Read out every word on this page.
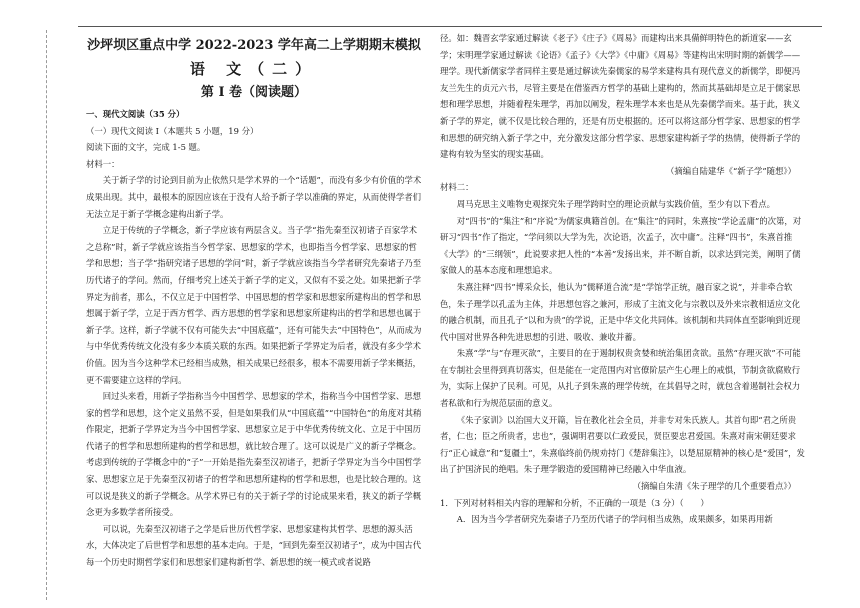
沙坪坝区重点中学 2022-2023 学年高二上学期期末模拟
语 文（二）
第 I 卷（阅读题）

一、现代文阅读（35 分）

（一）现代文阅读 I（本题共 5 小题，19 分）

阅读下面的文字，完成 1-5 题。

材料一：

关于新子学的讨论到目前为止依然只是学术界的一个“话题”，而没有多少有价值的学术成果出现。其中，最根本的原因应该在于没有人给予新子学以准确的界定，从而使得学者们无法立足于新子学概念建构出新子学。

立足于传统的子学概念，新子学应该有两层含义。当子学“指先秦至汉初诸子百家学术之总称”时，新子学就应该指当今哲学家、思想家的学术，也即指当今哲学家、思想家的哲学和思想；当子学“指研究诸子思想的学问”时，新子学就应该指当今学者研究先秦诸子乃至历代诸子的学问。然而，仔细考究上述关于新子学的定义，又似有不妥之处。如果把新子学界定为前者，那么，不仅立足于中国哲学、中国思想的哲学家和思想家所建构出的哲学和思想属于新子学，立足于西方哲学、西方思想的哲学家和思想家所建构出的哲学和思想也属于新子学。这样，新子学就不仅有可能失去“中国底蕴”，还有可能失去“中国特色”，从而成为与中华优秀传统文化没有多少本质关联的东西。如果把新子学界定为后者，就没有多少学术价值。因为当今这种学术已经相当成熟，相关成果已经很多，根本不需要用新子学来概括，更不需要建立这样的学问。

回过头来看，用新子学指称当今中国哲学、思想家的学术，指称当今中国哲学家、思想家的哲学和思想，这个定义虽然不妥，但是如果我们从“中国底蕴”“中国特色”的角度对其稍作限定，把新子学界定为当今中国哲学家、思想家立足于中华优秀传统文化、立足于中国历代诸子的哲学和思想所建构的哲学和思想，就比较合理了。这可以说是广义的新子学概念。考虑到传统的子学概念中的“子”一开始是指先秦至汉初诸子，把新子学界定为当今中国哲学家、思想家立足于先秦至汉初诸子的哲学和思想所建构的哲学和思想，也是比较合理的。这可以说是狭义的新子学概念。从学术界已有的关于新子学的讨论成果来看，狭义的新子学概念更为多数学者所接受。

可以说，先秦至汉初诸子之学是后世历代哲学家、思想家建构其哲学、思想的源头活水，大体决定了后世哲学和思想的基本走向。于是，“回到先秦至汉初诸子”，成为中国古代每一个历史时期哲学家们和思想家们建构新哲学、新思想的统一模式或者说路

径。如：魏晋玄学家通过解读《老子》《庄子》《周易》而建构出来具備鲜明特色的新道家——玄学；宋明理学家通过解读《论语》《孟子》《大学》《中庸》《周易》等建构出宋明时期的新儒学——理学。现代新儒家学者同样主要是通过解读先秦儒家的易学来建构具有现代意义的新儒学，即便冯友兰先生的贞元六书，尽管主要是在借鉴西方哲学的基础上建构的，然而其基础却是立足于儒家思想和理学思想，并随着程朱理学，再加以阐发，程朱理学本来也是从先秦儒学而来。基于此，狭义新子学的界定，就不仅是比较合理的，还是有历史根据的。还可以将这部分哲学家、思想家的哲学和思想的研究纳入新子学之中，充分激发这部分哲学家、思想家建构新子学的热情，使得新子学的建构有较为坚实的现实基础。

（摘编自陆建华《“新子学”随想》）

材料二：

周马克思主义唯物史观探究朱子理学跨时空的理论贡献与实践价值，至少有以下看点。

对“四书”的“集注”和“序说”为儒家典籍首创。在“集注”的同时，朱熹按“学论孟庸”的次第，对研习“四书”作了指定，“学问须以大学为先，次论语，次孟子，次中庸”。注释“四书”，朱熹首推《大学》的“三纲领”，此说要求把人性的“本善”发扬出来，并不断自新，以求达到完美，阐明了儒家做人的基本态度和理想追求。

朱熹注释“四书”博采众长，他认为“儒释道合流”是“学馆学正统，融百家之说”，并非牵合软色，朱子理学以孔孟为主体，并思想包容之兼河，形成了主流文化与宗教以及外来宗教相适应文化的融合机制，而且孔子“以和为贵”的学说，正是中华文化共同体。该机制和共同体直至影响到近现代中国对世界各种先进思想的引进、吸收、兼收并蓄。

朱熹“学”与“存理灭欲”，主要目的在于遏制权贵贪婪和统治集团贪欲。虽然“存理灭欲”不可能在专制社会里得到真切落实，但是能在一定范围内对官僚阶层产生心理上的戒惧，节制贪欲腐败行为，实际上保护了民利。可见，从扎子到朱熹的理学传统，在其倡导之时，就包含着遏制社会权力者私欲和行为规范层面的意义。

《朱子家训》以治国大义开篇，旨在教化社会全员，并非专对朱氏族人。其首句即“君之所贵者，仁也；臣之所贵者，忠也”，强调明君要以仁政爱民，贤臣要忠君爱国。朱熹对南宋朝廷要求行“正心诚意”和“复疆土”，朱熹临终前仍规劝持门《楚辞集注》，以楚屈原精神的核心是“爱国”，发出了护国济民的绝唱。朱子理学锻造的爱国精神已经融入中华血液。

（摘编自朱清《朱子理学的几个重要看点》）

1．下列对材料相关内容的理解和分析，不正确的一项是（3 分）（　　）

A．因为当今学者研究先秦诸子乃至历代诸子的学问相当成熟，成果颇多，如果再用新
